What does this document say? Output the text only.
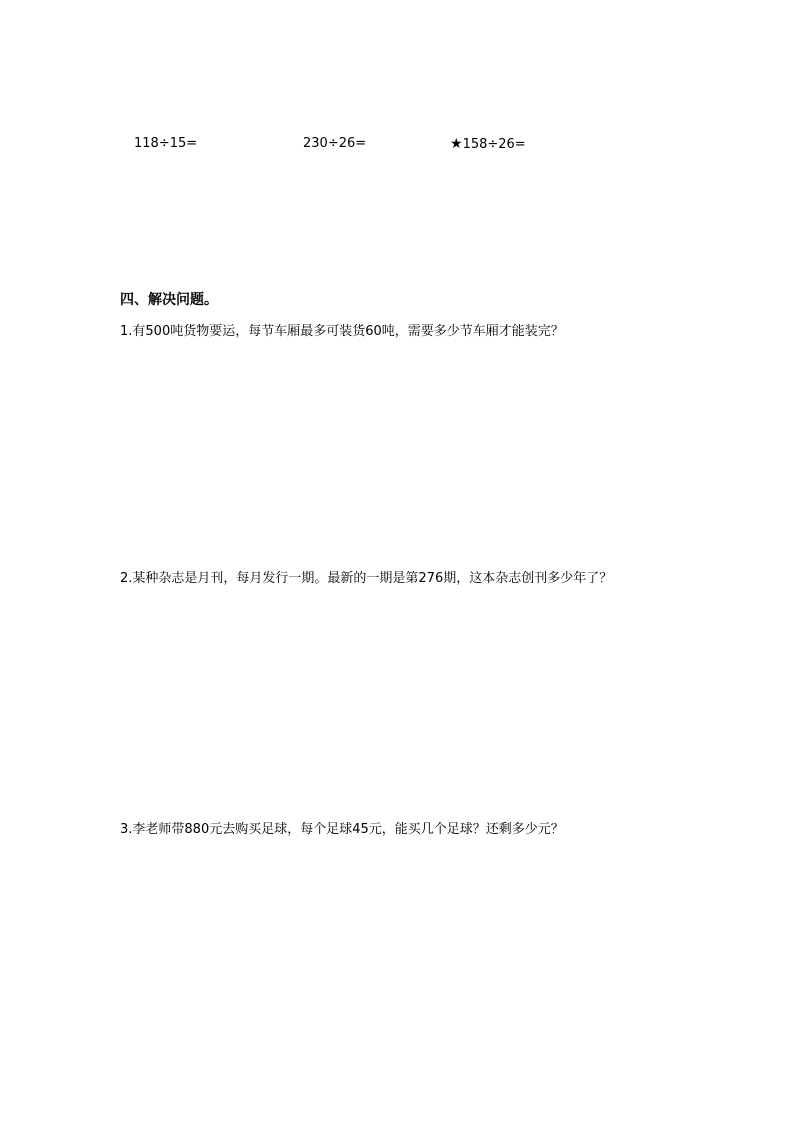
118÷15=	230÷26=	★158÷26=
四、解决问题。
1.有500吨货物要运，每节车厢最多可装货60吨，需要多少节车厢才能装完？
2.某种杂志是月刊，每月发行一期。最新的一期是第276期，这本杂志创刊多少年了？
3.李老师带880元去购买足球，每个足球45元，能买几个足球？还剩多少元？
